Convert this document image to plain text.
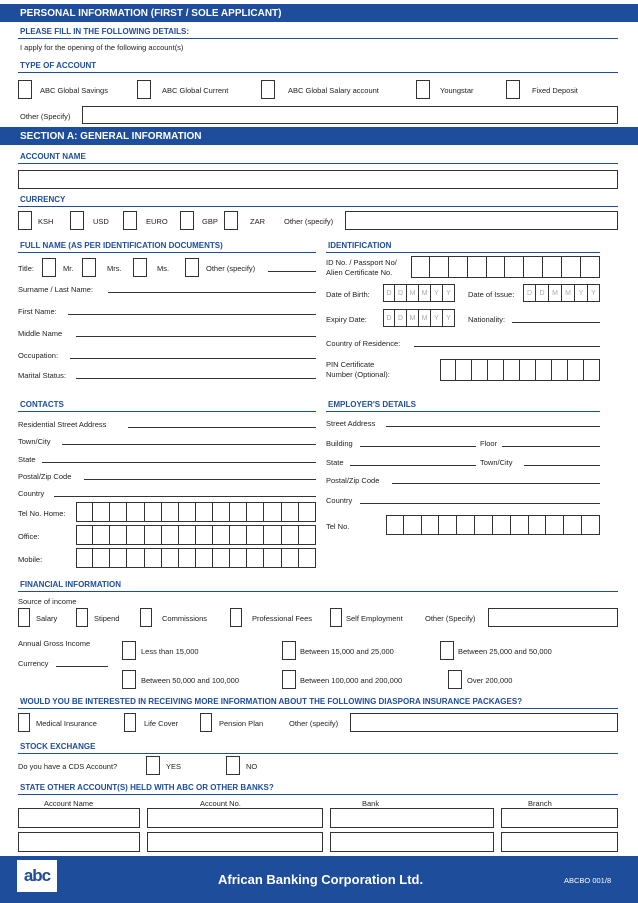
PERSONAL INFORMATION (FIRST / SOLE APPLICANT)
PLEASE FILL IN THE FOLLOWING DETAILS:
I apply for the opening of the following account(s)
TYPE OF ACCOUNT
ABC Global Savings	ABC Global Current	ABC Global Salary account	Youngstar	Fixed Deposit
Other (Specify)
SECTION A: GENERAL INFORMATION
ACCOUNT NAME
CURRENCY
KSH	USD	EURO	GBP	ZAR	Other (specify)
FULL NAME (AS PER IDENTIFICATION DOCUMENTS)
Title:	Mr.	Mrs.	Ms.	Other (specify)
Surname / Last Name:
First Name:
Middle Name
Occupation:
Marital Status:
IDENTIFICATION
ID No. / Passport No/
Alien Certificate No.
Date of Birth:	D D M M Y	Y	Date of Issue:	D	D	M	M	Y	Y
Expiry Date:	D D M M Y	Y	Nationality:
Country of Residence:
PIN Certificate
Number (Optional):
CONTACTS
Residential Street Address
Town/City
State
Postal/Zip Code
Country
Tel No. Home:
Office:
Mobile:
EMPLOYER'S DETAILS
Street Address
Building	Floor
State	Town/City
Postal/Zip Code
Country
Tel No.
FINANCIAL INFORMATION
Source of income
Salary	Stipend	Commissions	Professional Fees	Self Employment	Other (Specify)
Annual Gross Income
Currency
Less than 15,000	Between 15,000 and 25,000	Between 25,000 and 50,000
Between 50,000 and 100,000	Between 100,000 and 200,000	Over 200,000
WOULD YOU BE INTERESTED IN RECEIVING MORE INFORMATION ABOUT THE FOLLOWING DIASPORA INSURANCE PACKAGES?
Medical Insurance	Life Cover	Pension Plan	Other (specify)
STOCK EXCHANGE
Do you have a CDS Account?	YES	NO
STATE OTHER ACCOUNT(S) HELD WITH ABC OR OTHER BANKS?
Account Name	Account No.	Bank	Branch
abc	African Banking Corporation Ltd.	ABCBO 001/8
